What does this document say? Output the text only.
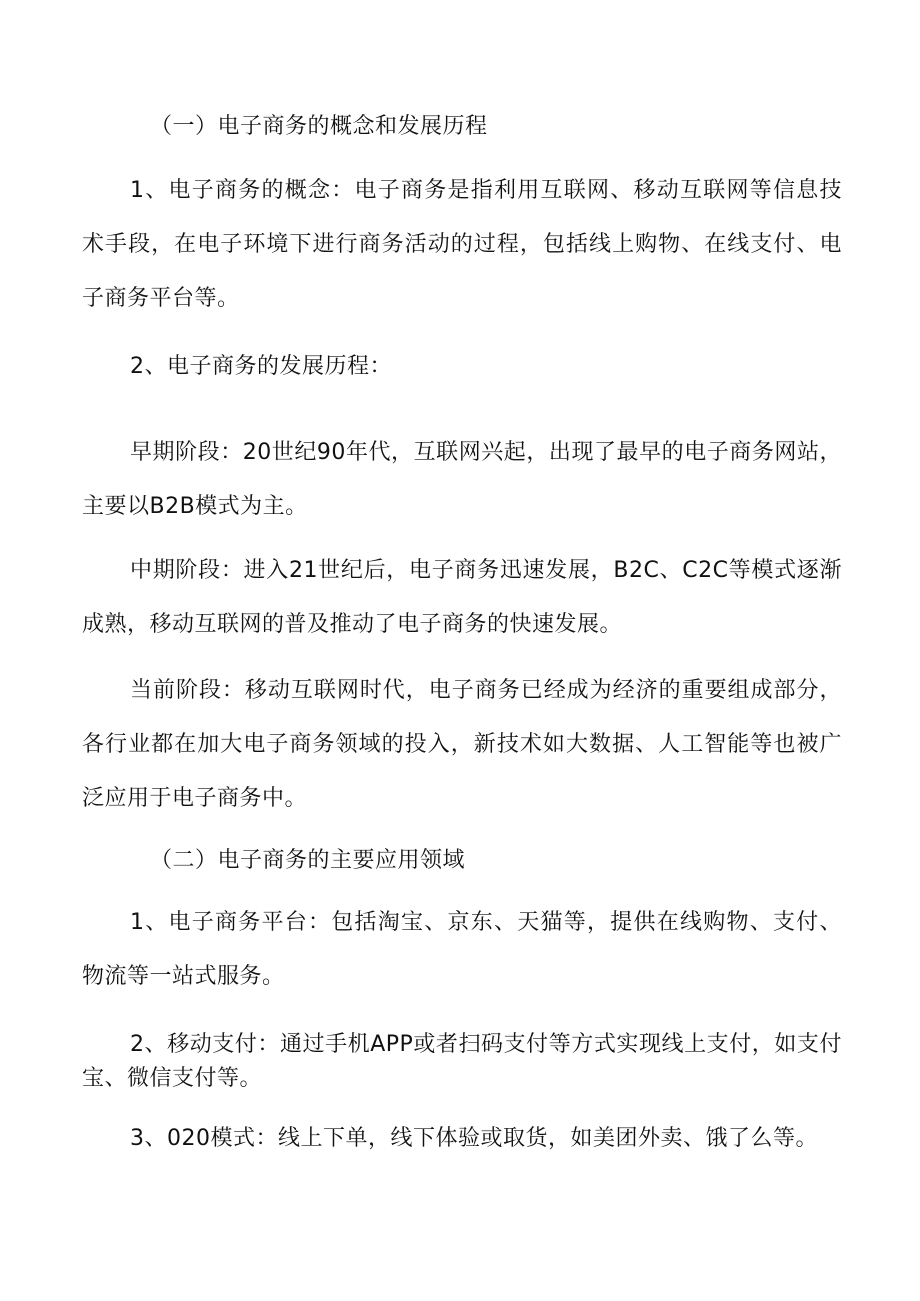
（一）电子商务的概念和发展历程
1、电子商务的概念：电子商务是指利用互联网、移动互联网等信息技
术手段，在电子环境下进行商务活动的过程，包括线上购物、在线支付、电
子商务平台等。
2、电子商务的发展历程：
早期阶段：20世纪90年代，互联网兴起，出现了最早的电子商务网站，
主要以B2B模式为主。
中期阶段：进入21世纪后，电子商务迅速发展，B2C、C2C等模式逐渐
成熟，移动互联网的普及推动了电子商务的快速发展。
当前阶段：移动互联网时代，电子商务已经成为经济的重要组成部分，
各行业都在加大电子商务领域的投入，新技术如大数据、人工智能等也被广
泛应用于电子商务中。
（二）电子商务的主要应用领域
1、电子商务平台：包括淘宝、京东、天猫等，提供在线购物、支付、
物流等一站式服务。
2、移动支付：通过手机APP或者扫码支付等方式实现线上支付，如支付
宝、微信支付等。
3、020模式：线上下单，线下体验或取货，如美团外卖、饿了么等。
